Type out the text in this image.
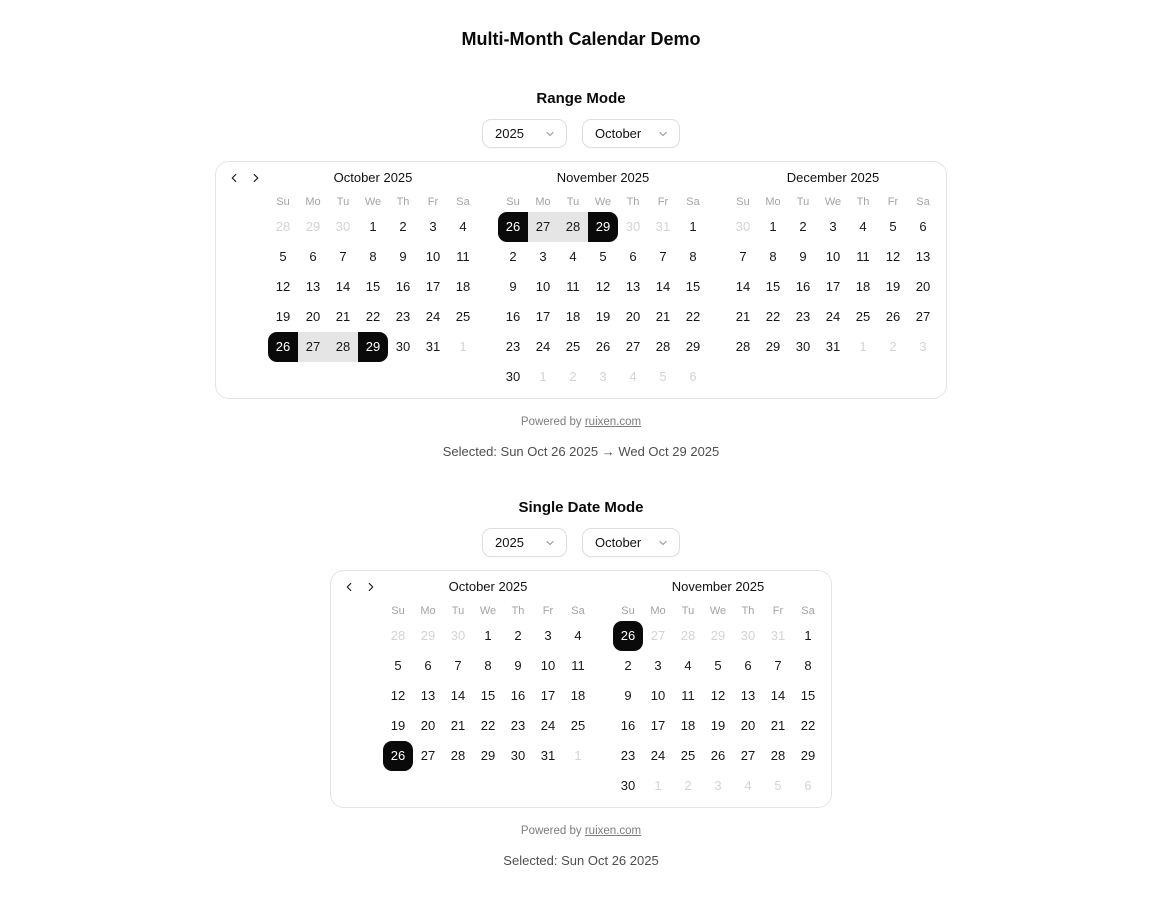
Multi-Month Calendar Demo
Range Mode
2025	October
October 2025
Su	Mo	Tu	We	Th	Fr	Sa
28	29	30	1	2	3	4
5	6	7	8	9	10	11
12	13	14	15	16	17	18
19	20	21	22	23	24	25
26	27	28	29	30	31	1
November 2025
Su	Mo	Tu	We	Th	Fr	Sa
26	27	28	29	30	31	1
2	3	4	5	6	7	8
9	10	11	12	13	14	15
16	17	18	19	20	21	22
23	24	25	26	27	28	29
30	1	2	3	4	5	6
December 2025
Su	Mo	Tu	We	Th	Fr	Sa
30	1	2	3	4	5	6
7	8	9	10	11	12	13
14	15	16	17	18	19	20
21	22	23	24	25	26	27
28	29	30	31	1	2	3
Powered by ruixen.com
Selected: Sun Oct 26 2025 → Wed Oct 29 2025
Single Date Mode
2025	October
October 2025
Su	Mo	Tu	We	Th	Fr	Sa
28	29	30	1	2	3	4
5	6	7	8	9	10	11
12	13	14	15	16	17	18
19	20	21	22	23	24	25
26	27	28	29	30	31	1
November 2025
Su	Mo	Tu	We	Th	Fr	Sa
26	27	28	29	30	31	1
2	3	4	5	6	7	8
9	10	11	12	13	14	15
16	17	18	19	20	21	22
23	24	25	26	27	28	29
30	1	2	3	4	5	6
Powered by ruixen.com
Selected: Sun Oct 26 2025
